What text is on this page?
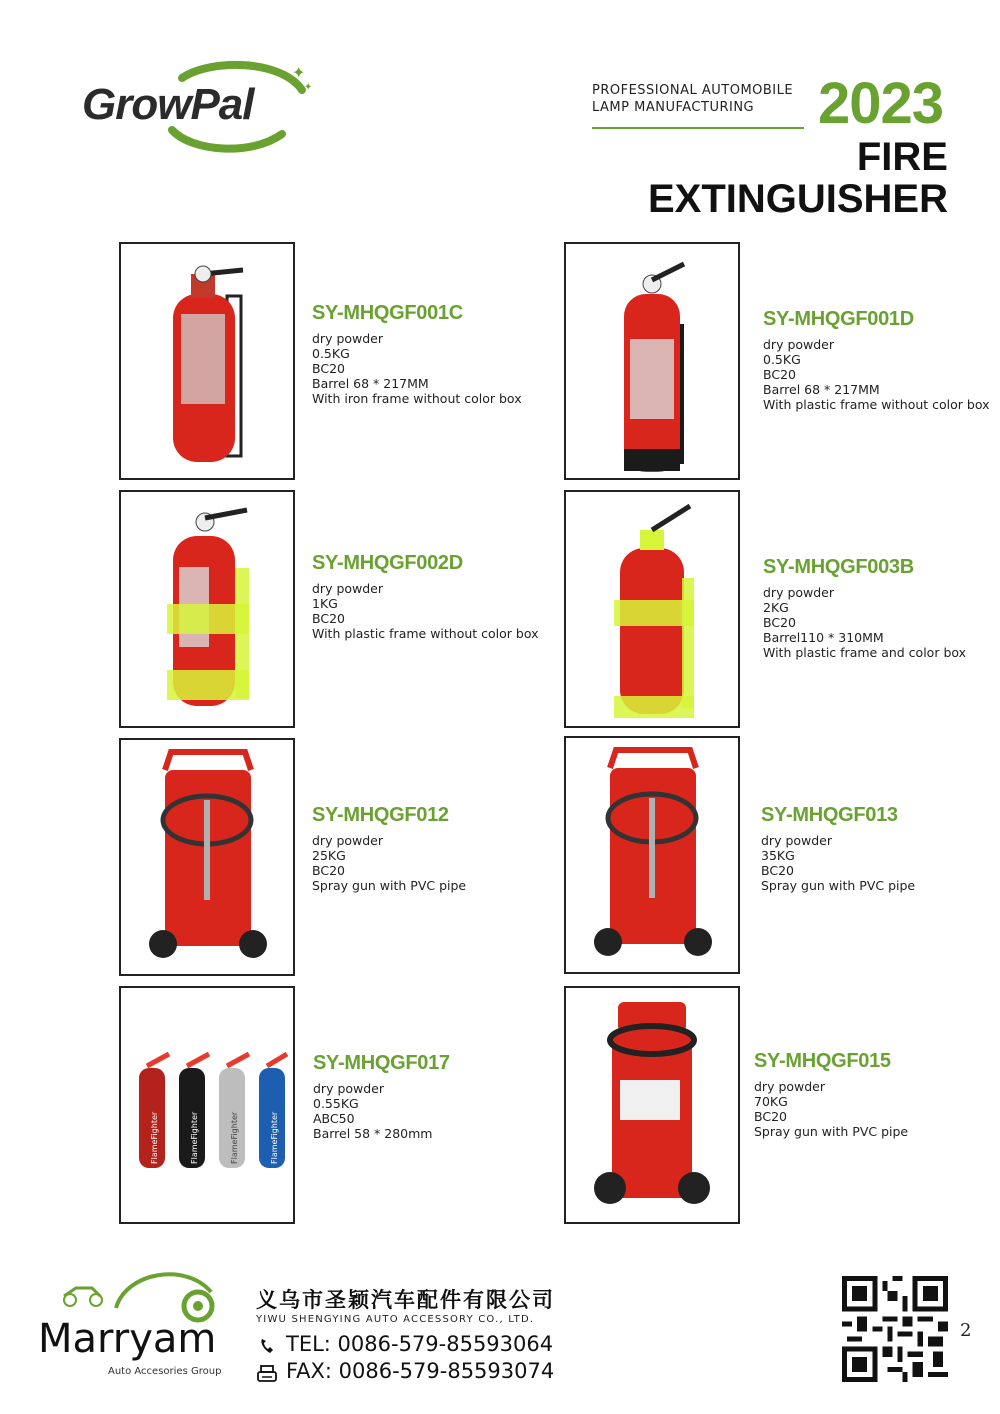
✦
✦
GrowPal	PROFESSIONAL AUTOMOBILE
LAMP MANUFACTURING	2023
FIRE
EXTINGUISHER
SY-MHQGF001C
dry powder
0.5KG
BC20
Barrel 68 * 217MM
With iron frame without color box
SY-MHQGF001D
dry powder
0.5KG
BC20
Barrel 68 * 217MM
With plastic frame without color box
SY-MHQGF002D
dry powder
1KG
BC20
With plastic frame without color box
SY-MHQGF003B
dry powder
2KG
BC20
Barrel110 * 310MM
With plastic frame and color box
SY-MHQGF012
dry powder
25KG
BC20
Spray gun with PVC pipe
SY-MHQGF013
dry powder
35KG
BC20
Spray gun with PVC pipe
FlameFighter	FlameFighter	FlameFighter	FlameFighter
SY-MHQGF017
dry powder
0.55KG
ABC50
Barrel 58 * 280mm
SY-MHQGF015
dry powder
70KG
BC20
Spray gun with PVC pipe
Marryam
Auto Accesories Group
义乌市圣颖汽车配件有限公司
YIWU SHENGYING AUTO ACCESSORY CO., LTD.
TEL: 0086-579-85593064
FAX: 0086-579-85593074
2
